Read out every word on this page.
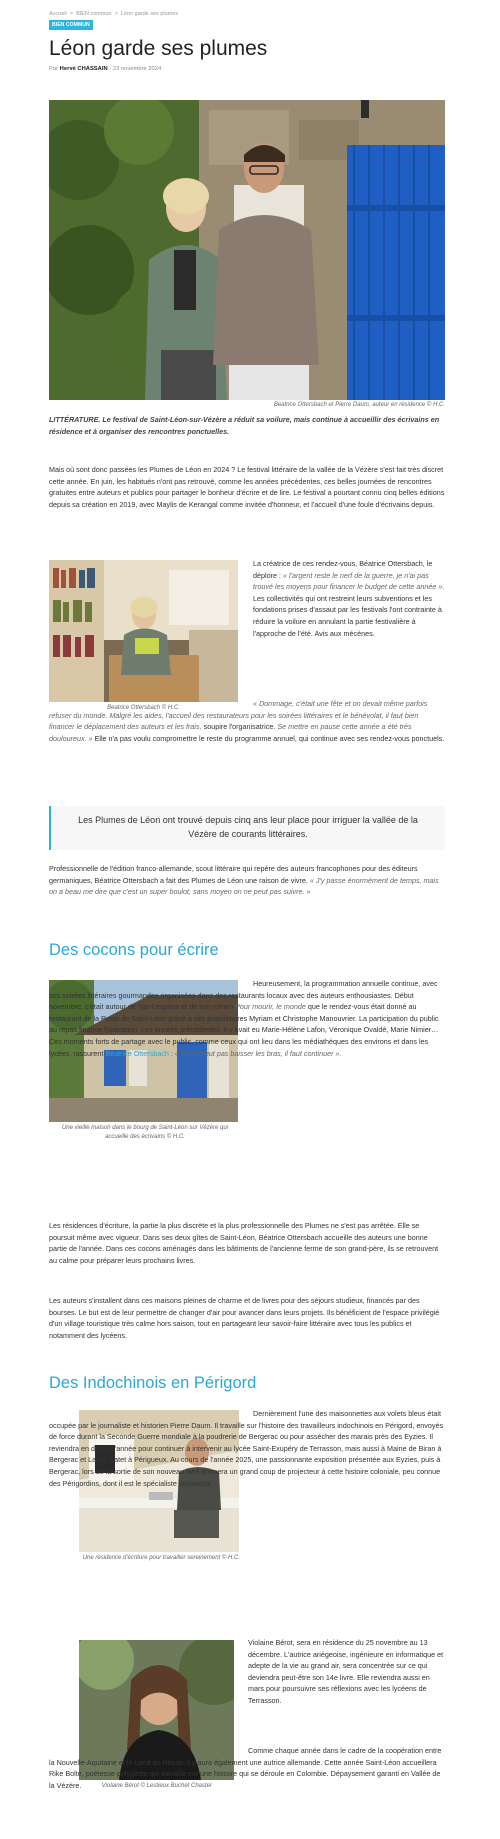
Accueil > BIEN commun > Léon garde ses plumes
BIEN COMMUN
Léon garde ses plumes
Par Hervé CHASSAIN - 23 novembre 2024
Beatrice Ottersbach et Pierre Daum, auteur en résidence © H.C.
LITTÉRATURE. Le festival de Saint-Léon-sur-Vézère a réduit sa voilure, mais continue à accueillir des écrivains en résidence et à organiser des rencontres ponctuelles.
Mais où sont donc passées les Plumes de Léon en 2024 ? Le festival littéraire de la vallée de la Vézère s'est fait très discret cette année. En juin, les habitués n'ont pas retrouvé, comme les années précédentes, ces belles journées de rencontres gratuites entre auteurs et publics pour partager le bonheur d'écrire et de lire. Le festival a pourtant connu cinq belles éditions depuis sa création en 2019, avec Maylis de Kerangal comme invitée d'honneur, et l'accueil d'une foule d'écrivains depuis.
Beatrice Ottersbach © H.C.
La créatrice de ces rendez-vous, Béatrice Ottersbach, le déplore : « l'argent reste le nerf de la guerre, je n'ai pas trouvé les moyens pour financer le budget de cette année ». Les collectivités qui ont restreint leurs subventions et les fondations prises d'assaut par les festivals l'ont contrainte à réduire la voilure en annulant la partie festivalière à l'approche de l'été. Avis aux mécènes.
« Dommage, c'était une fête et on devait même parfois refuser du monde. Malgré les aides, l'accueil des restaurateurs pour les soirées littéraires et le bénévolat, il faut bien financer le déplacement des auteurs et les frais, soupire l'organisatrice. Se mettre en pause cette année a été très douloureux. » Elle n'a pas voulu compromettre le reste du programme annuel, qui continue avec ses rendez-vous ponctuels.
Les Plumes de Léon ont trouvé depuis cinq ans leur place pour irriguer la vallée de la Vézère de courants littéraires.
Professionnelle de l'édition franco-allemande, scout littéraire qui repère des auteurs francophones pour des éditeurs germaniques, Béatrice Ottersbach a fait des Plumes de Léon une raison de vivre. « J'y passe énormément de temps, mais on a beau me dire que c'est un super boulot, sans moyen on ne peut pas suivre. »
Des cocons pour écrire
Une vieille maison dans le bourg de Saint-Léon sur Vézère qui accueille des écrivains © H.C.
Heureusement, la programmation annuelle continue, avec ses soirées littéraires gourmandes organisées dans des restaurants locaux avec des auteurs enthousiastes. Début novembre, c'était autour de Yan Lespoux et de son roman Pour mourir, le monde que le rendez-vous était donné au restaurant de la Poste de Saint-Léon grâce à ses propriétaires Myriam et Christophe Manouvrier. La participation du public au repas finance l'opération. Les années précédentes, il y avait eu Marie-Hélène Lafon, Véronique Ovaldé, Marie Nimier… Ces moments forts de partage avec le public, comme ceux qui ont lieu dans les médiathèques des environs et dans les lycées, rassurent Béatrice Ottersbach : « on ne peut pas baisser les bras, il faut continuer ».
Les résidences d'écriture, la partie la plus discrète et la plus professionnelle des Plumes ne s'est pas arrêtée. Elle se poursuit même avec vigueur. Dans ses deux gîtes de Saint-Léon, Béatrice Ottersbach accueille des auteurs une bonne partie de l'année. Dans ces cocons aménagés dans les bâtiments de l'ancienne ferme de son grand-père, ils se retrouvent au calme pour préparer leurs prochains livres.
Les auteurs s'installent dans ces maisons pleines de charme et de livres pour des séjours studieux, financés par des bourses. Le but est de leur permettre de changer d'air pour avancer dans leurs projets. Ils bénéficient de l'espace privilégié d'un village touristique très calme hors saison, tout en partageant leur savoir-faire littéraire avec tous les publics et notamment des lycéens.
Des Indochinois en Périgord
Une résidence d'écriture pour travailler sereinement © H.C.
Dernièrement l'une des maisonnettes aux volets bleus était occupée par le journaliste et historien Pierre Daum. Il travaille sur l'histoire des travailleurs indochinois en Périgord, envoyés de force durant la Seconde Guerre mondiale à la poudrerie de Bergerac ou pour assécher des marais près des Eyzies. Il reviendra en début d'année pour continuer à intervenir au lycée Saint-Exupéry de Terrasson, mais aussi à Maine de Biran à Bergerac et Laure Gatet à Périgueux. Au cours de l'année 2025, une passionnante exposition présentée aux Eyzies, puis à Bergerac, lors de la sortie de son nouveau livre donnera un grand coup de projecteur à cette histoire coloniale, peu connue des Périgordins, dont il est le spécialiste incontesté.
Violaine Bérot © Lestieux Buchet Chastel
Violaine Bérot, sera en résidence du 25 novembre au 13 décembre. L'autrice ariégeoise, ingénieure en informatique et adepte de la vie au grand air, sera concentrée sur ce qui deviendra peut-être son 14e livre. Elle reviendra aussi en mars pour poursuivre ses réflexions avec les lycéens de Terrasson.
Comme chaque année dans le cadre de la coopération entre la Nouvelle-Aquitaine et le Land de Hesse, il y aura également une autrice allemande. Cette année Saint-Léon accueillera Rike Bolte, poétesse polyglotte qui travaille sur une histoire qui se déroule en Colombie. Dépaysement garanti en Vallée de la Vézère.
